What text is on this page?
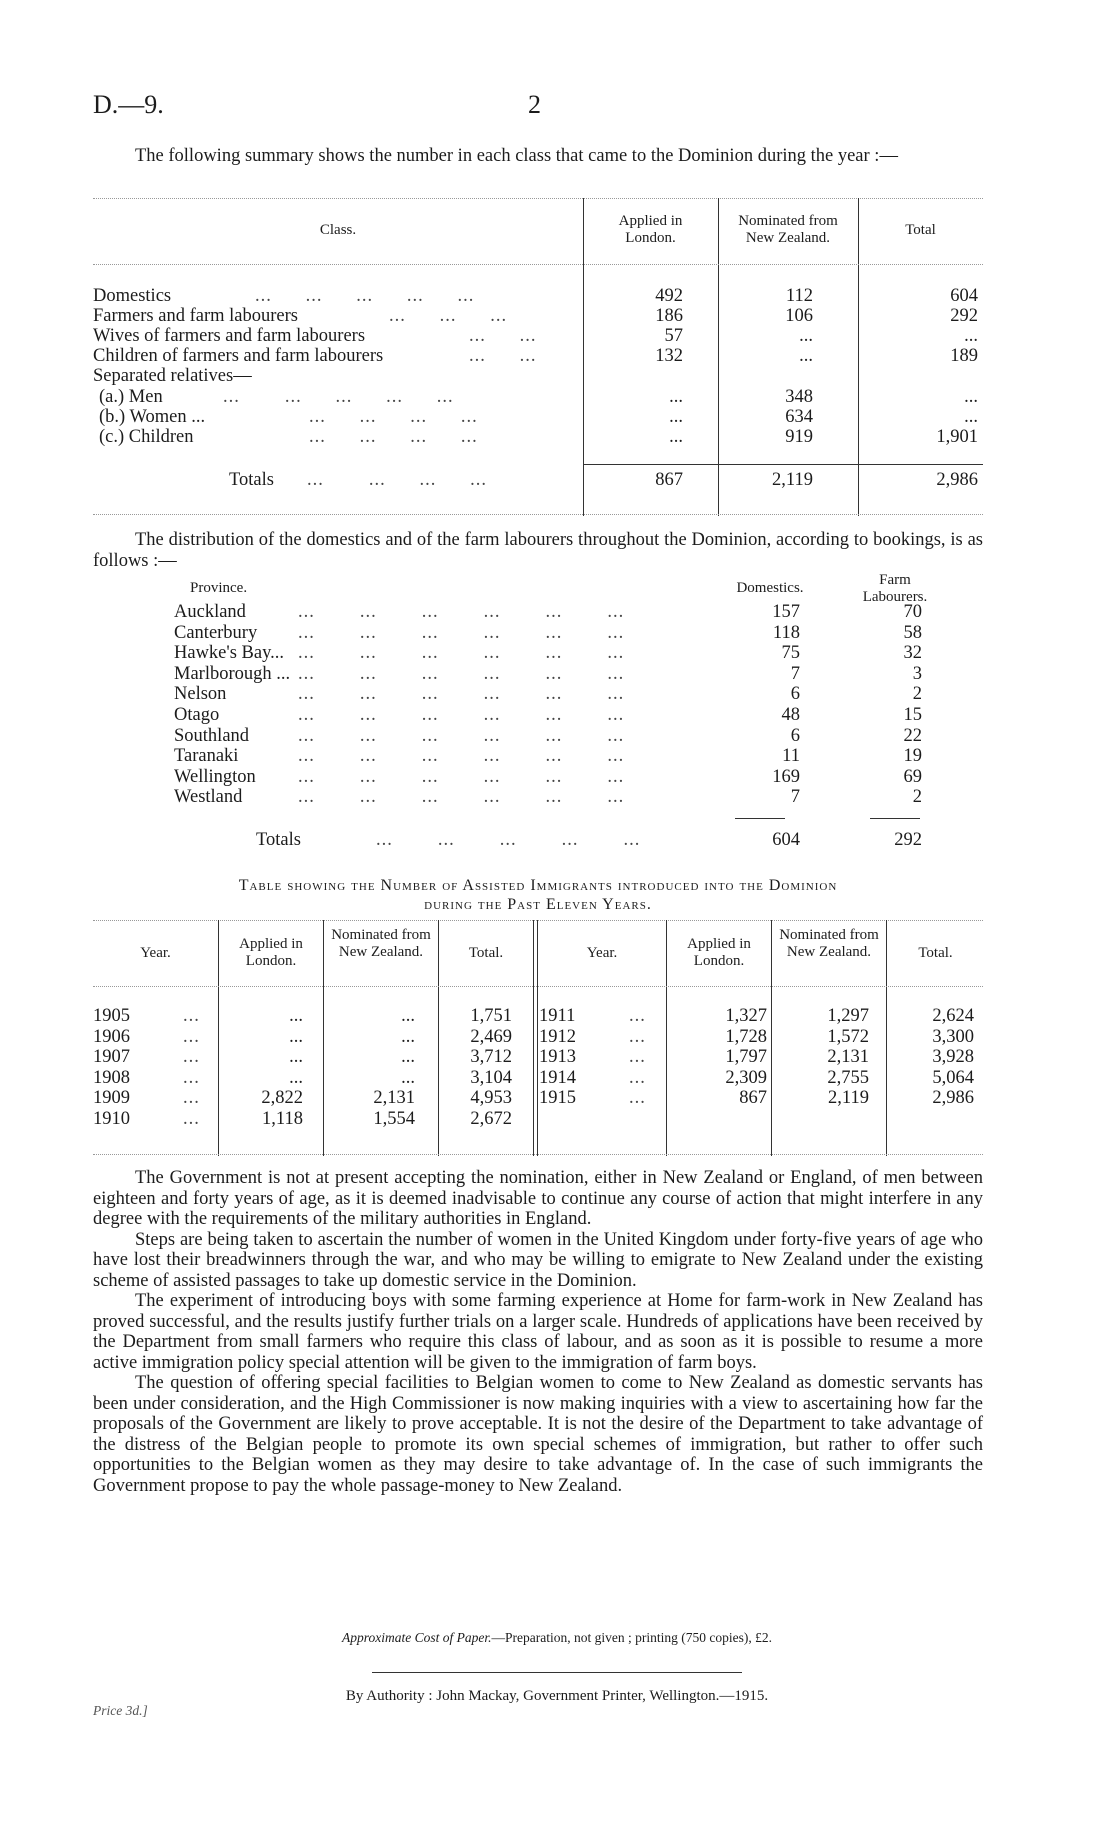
D.—9.	2

The following summary shows the number in each class that came to the Dominion during the year :—

Class.
Applied in London.
Nominated from New Zealand.	Total
Domestics	...      ...      ...      ...      ...	492	112	604
Farmers and farm labourers	...      ...      ...	186	106	292
Wives of farmers and farm labourers	...      ...	57	...	...
Children of farmers and farm labourers	...      ...	132	...	189
Separated relatives—
(a.) Men	...        ...      ...      ...      ...	...	348	...
(b.) Women ...	...      ...      ...      ...	...	634	...
(c.) Children	...      ...      ...      ...	...	919	1,901
Totals ...        ...      ...      ...	867	2,119	2,986

The distribution of the domestics and of the farm labourers throughout the Dominion, according to bookings, is as follows :—

Province.	Domestics.	Farm Labourers.
Auckland	...        ...        ...        ...        ...        ...	157	70
Canterbury ...        ...        ...        ...        ...        ...	118	58
Hawke's Bay... ...        ...        ...        ...        ...        ...	75	32
Marlborough ... ...        ...        ...        ...        ...        ...	7	3
Nelson	...        ...        ...        ...        ...        ...	6	2
Otago	...        ...        ...        ...        ...        ...	48	15
Southland	...        ...        ...        ...        ...        ...	6	22
Taranaki	...        ...        ...        ...        ...        ...	11	19
Wellington ...        ...        ...        ...        ...        ...	169	69
Westland	...        ...        ...        ...        ...        ...	7	2
Totals	...        ...        ...        ...        ...	604	292
Table showing the Number of Assisted Immigrants introduced into the Dominion
during the Past Eleven Years.
Year.
Applied in London.
Nominated from New Zealand.	Total.	Year.
Applied in London.
Nominated from New Zealand.	Total.
1905	...	...	...	1,751
1906	...	...	...	2,469
1907	...	...	...	3,712
1908	...	...	...	3,104
1909	...	2,822	2,131	4,953
1910	...	1,118	1,554	2,672
1911	...	1,327	1,297	2,624
1912	...	1,728	1,572	3,300
1913	...	1,797	2,131	3,928
1914	...	2,309	2,755	5,064
1915	...	867	2,119	2,986

The Government is not at present accepting the nomination, either in New Zealand or England, of men between eighteen and forty years of age, as it is deemed inadvisable to continue any course of action that might interfere in any degree with the requirements of the military authorities in England.

Steps are being taken to ascertain the number of women in the United Kingdom under forty-five years of age who have lost their breadwinners through the war, and who may be willing to emigrate to New Zealand under the existing scheme of assisted passages to take up domestic service in the Dominion.

The experiment of introducing boys with some farming experience at Home for farm-work in New Zealand has proved successful, and the results justify further trials on a larger scale. Hundreds of applications have been received by the Department from small farmers who require this class of labour, and as soon as it is possible to resume a more active immigration policy special attention will be given to the immigration of farm boys.

The question of offering special facilities to Belgian women to come to New Zealand as domestic servants has been under consideration, and the High Commissioner is now making inquiries with a view to ascertaining how far the proposals of the Government are likely to prove acceptable. It is not the desire of the Department to take advantage of the distress of the Belgian people to promote its own special schemes of immigration, but rather to offer such opportunities to the Belgian women as they may desire to take advantage of. In the case of such immigrants the Government propose to pay the whole passage-money to New Zealand.

Approximate Cost of Paper.—Preparation, not given ; printing (750 copies), £2.
By Authority : John Mackay, Government Printer, Wellington.—1915.
Price 3d.]
